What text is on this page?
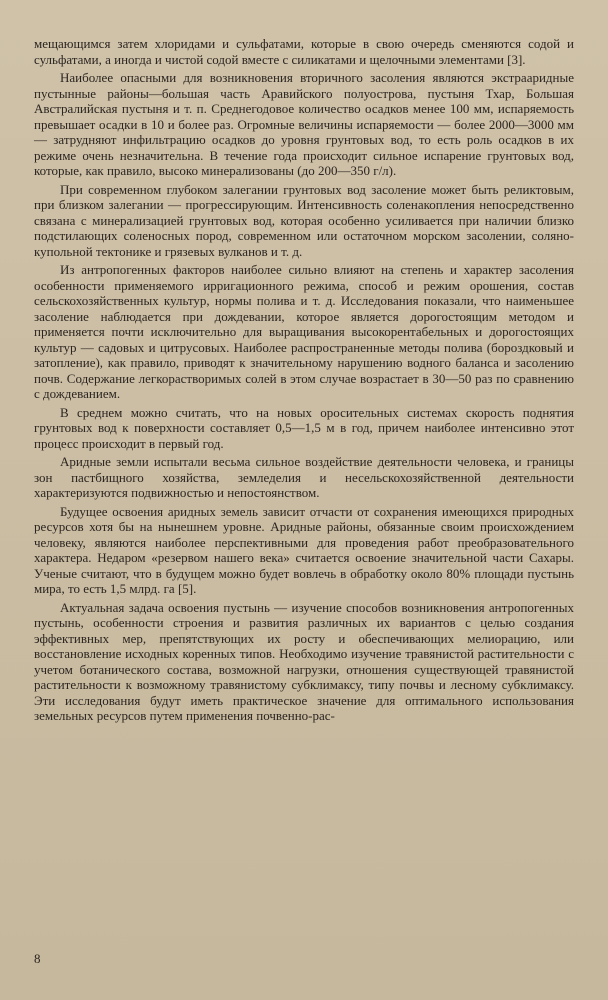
мещающимся затем хлоридами и сульфатами, которые в свою очередь сменяются содой и сульфатами, а иногда и чистой содой вместе с силикатами и щелочными элементами [3].

Наиболее опасными для возникновения вторичного засоления являются экстрааридные пустынные районы—большая часть Аравийского полуострова, пустыня Тхар, Большая Австралийская пустыня и т. п. Среднегодовое количество осадков менее 100 мм, испаряемость превышает осадки в 10 и более раз. Огромные величины испаряемости — более 2000—3000 мм — затрудняют инфильтрацию осадков до уровня грунтовых вод, то есть роль осадков в их режиме очень незначительна. В течение года происходит сильное испарение грунтовых вод, которые, как правило, высоко минерализованы (до 200—350 г/л).

При современном глубоком залегании грунтовых вод засоление может быть реликтовым, при близком залегании — прогрессирующим. Интенсивность соленакопления непосредственно связана с минерализацией грунтовых вод, которая особенно усиливается при наличии близко подстилающих соленосных пород, современном или остаточном морском засолении, соляно-купольной тектонике и грязевых вулканов и т. д.

Из антропогенных факторов наиболее сильно влияют на степень и характер засоления особенности применяемого ирригационного режима, способ и режим орошения, состав сельскохозяйственных культур, нормы полива и т. д. Исследования показали, что наименьшее засоление наблюдается при дождевании, которое является дорогостоящим методом и применяется почти исключительно для выращивания высокорентабельных и дорогостоящих культур — садовых и цитрусовых. Наиболее распространенные методы полива (бороздковый и затопление), как правило, приводят к значительному нарушению водного баланса и засолению почв. Содержание легкорастворимых солей в этом случае возрастает в 30—50 раз по сравнению с дождеванием.

В среднем можно считать, что на новых оросительных системах скорость поднятия грунтовых вод к поверхности составляет 0,5—1,5 м в год, причем наиболее интенсивно этот процесс происходит в первый год.

Аридные земли испытали весьма сильное воздействие деятельности человека, и границы зон пастбищного хозяйства, земледелия и несельскохозяйственной деятельности характеризуются подвижностью и непостоянством.

Будущее освоения аридных земель зависит отчасти от сохранения имеющихся природных ресурсов хотя бы на нынешнем уровне. Аридные районы, обязанные своим происхождением человеку, являются наиболее перспективными для проведения работ преобразовательного характера. Недаром «резервом нашего века» считается освоение значительной части Сахары. Ученые считают, что в будущем можно будет вовлечь в обработку около 80% площади пустынь мира, то есть 1,5 млрд. га [5].

Актуальная задача освоения пустынь — изучение способов возникновения антропогенных пустынь, особенности строения и развития различных их вариантов с целью создания эффективных мер, препятствующих их росту и обеспечивающих мелиорацию, или восстановление исходных коренных типов. Необходимо изучение травянистой растительности с учетом ботанического состава, возможной нагрузки, отношения существующей травянистой растительности к возможному травянистому субклимаксу, типу почвы и лесному субклимаксу. Эти исследования будут иметь практическое значение для оптимального использования земельных ресурсов путем применения почвенно-рас-

8
